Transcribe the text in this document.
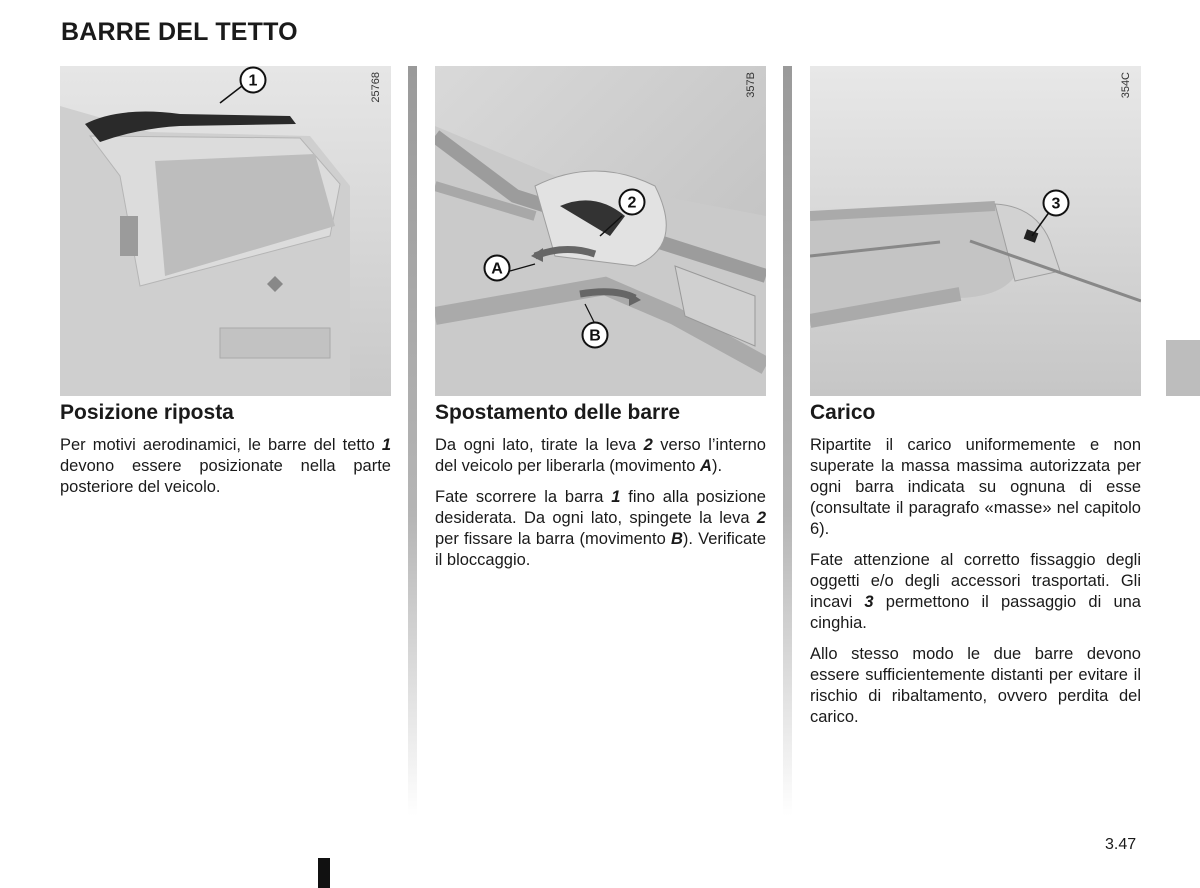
BARRE DEL TETTO
1	25768
Posizione riposta

Per motivi aerodinamici, le barre del tetto 1 devono essere posizionate nella parte posteriore del veicolo.

2
A
B
357B
Spostamento delle barre

Da ogni lato, tirate la leva 2 verso l’interno del veicolo per liberarla (movimento A).

Fate scorrere la barra 1 fino alla posizione desiderata. Da ogni lato, spingete la leva 2 per fissare la barra (movimento B). Verificate il bloccaggio.

3
354C
Carico

Ripartite il carico uniformemente e non superate la massa massima autorizzata per ogni barra indicata su ognuna di esse (consultate il paragrafo «masse» nel capitolo 6).

Fate attenzione al corretto fissaggio degli oggetti e/o degli accessori trasportati. Gli incavi 3 permettono il passaggio di una cinghia.

Allo stesso modo le due barre devono essere sufficientemente distanti per evitare il rischio di ribaltamento, ovvero perdita del carico.

3.47
